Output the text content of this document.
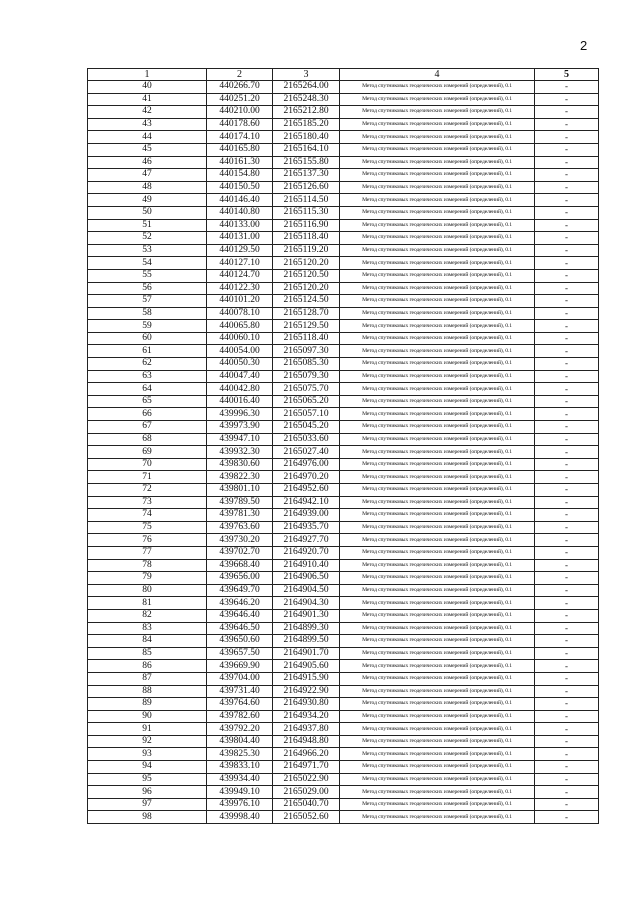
2
1	2	3	4	5
40	440266.70	2165264.00	Метод спутниковых геодезических измерений (определений), 0.1	-
41	440251.20	2165248.30	Метод спутниковых геодезических измерений (определений), 0.1	-
42	440210.00	2165212.80	Метод спутниковых геодезических измерений (определений), 0.1	-
43	440178.60	2165185.20	Метод спутниковых геодезических измерений (определений), 0.1	-
44	440174.10	2165180.40	Метод спутниковых геодезических измерений (определений), 0.1	-
45	440165.80	2165164.10	Метод спутниковых геодезических измерений (определений), 0.1	-
46	440161.30	2165155.80	Метод спутниковых геодезических измерений (определений), 0.1	-
47	440154.80	2165137.30	Метод спутниковых геодезических измерений (определений), 0.1	-
48	440150.50	2165126.60	Метод спутниковых геодезических измерений (определений), 0.1	-
49	440146.40	2165114.50	Метод спутниковых геодезических измерений (определений), 0.1	-
50	440140.80	2165115.30	Метод спутниковых геодезических измерений (определений), 0.1	-
51	440133.00	2165116.90	Метод спутниковых геодезических измерений (определений), 0.1	-
52	440131.00	2165118.40	Метод спутниковых геодезических измерений (определений), 0.1	-
53	440129.50	2165119.20	Метод спутниковых геодезических измерений (определений), 0.1	-
54	440127.10	2165120.20	Метод спутниковых геодезических измерений (определений), 0.1	-
55	440124.70	2165120.50	Метод спутниковых геодезических измерений (определений), 0.1	-
56	440122.30	2165120.20	Метод спутниковых геодезических измерений (определений), 0.1	-
57	440101.20	2165124.50	Метод спутниковых геодезических измерений (определений), 0.1	-
58	440078.10	2165128.70	Метод спутниковых геодезических измерений (определений), 0.1	-
59	440065.80	2165129.50	Метод спутниковых геодезических измерений (определений), 0.1	-
60	440060.10	2165118.40	Метод спутниковых геодезических измерений (определений), 0.1	-
61	440054.00	2165097.30	Метод спутниковых геодезических измерений (определений), 0.1	-
62	440050.30	2165085.30	Метод спутниковых геодезических измерений (определений), 0.1	-
63	440047.40	2165079.30	Метод спутниковых геодезических измерений (определений), 0.1	-
64	440042.80	2165075.70	Метод спутниковых геодезических измерений (определений), 0.1	-
65	440016.40	2165065.20	Метод спутниковых геодезических измерений (определений), 0.1	-
66	439996.30	2165057.10	Метод спутниковых геодезических измерений (определений), 0.1	-
67	439973.90	2165045.20	Метод спутниковых геодезических измерений (определений), 0.1	-
68	439947.10	2165033.60	Метод спутниковых геодезических измерений (определений), 0.1	-
69	439932.30	2165027.40	Метод спутниковых геодезических измерений (определений), 0.1	-
70	439830.60	2164976.00	Метод спутниковых геодезических измерений (определений), 0.1	-
71	439822.30	2164970.20	Метод спутниковых геодезических измерений (определений), 0.1	-
72	439801.10	2164952.60	Метод спутниковых геодезических измерений (определений), 0.1	-
73	439789.50	2164942.10	Метод спутниковых геодезических измерений (определений), 0.1	-
74	439781.30	2164939.00	Метод спутниковых геодезических измерений (определений), 0.1	-
75	439763.60	2164935.70	Метод спутниковых геодезических измерений (определений), 0.1	-
76	439730.20	2164927.70	Метод спутниковых геодезических измерений (определений), 0.1	-
77	439702.70	2164920.70	Метод спутниковых геодезических измерений (определений), 0.1	-
78	439668.40	2164910.40	Метод спутниковых геодезических измерений (определений), 0.1	-
79	439656.00	2164906.50	Метод спутниковых геодезических измерений (определений), 0.1	-
80	439649.70	2164904.50	Метод спутниковых геодезических измерений (определений), 0.1	-
81	439646.20	2164904.30	Метод спутниковых геодезических измерений (определений), 0.1	-
82	439646.40	2164901.30	Метод спутниковых геодезических измерений (определений), 0.1	-
83	439646.50	2164899.30	Метод спутниковых геодезических измерений (определений), 0.1	-
84	439650.60	2164899.50	Метод спутниковых геодезических измерений (определений), 0.1	-
85	439657.50	2164901.70	Метод спутниковых геодезических измерений (определений), 0.1	-
86	439669.90	2164905.60	Метод спутниковых геодезических измерений (определений), 0.1	-
87	439704.00	2164915.90	Метод спутниковых геодезических измерений (определений), 0.1	-
88	439731.40	2164922.90	Метод спутниковых геодезических измерений (определений), 0.1	-
89	439764.60	2164930.80	Метод спутниковых геодезических измерений (определений), 0.1	-
90	439782.60	2164934.20	Метод спутниковых геодезических измерений (определений), 0.1	-
91	439792.20	2164937.80	Метод спутниковых геодезических измерений (определений), 0.1	-
92	439804.40	2164948.80	Метод спутниковых геодезических измерений (определений), 0.1	-
93	439825.30	2164966.20	Метод спутниковых геодезических измерений (определений), 0.1	-
94	439833.10	2164971.70	Метод спутниковых геодезических измерений (определений), 0.1	-
95	439934.40	2165022.90	Метод спутниковых геодезических измерений (определений), 0.1	-
96	439949.10	2165029.00	Метод спутниковых геодезических измерений (определений), 0.1	-
97	439976.10	2165040.70	Метод спутниковых геодезических измерений (определений), 0.1	-
98	439998.40	2165052.60	Метод спутниковых геодезических измерений (определений), 0.1	-
